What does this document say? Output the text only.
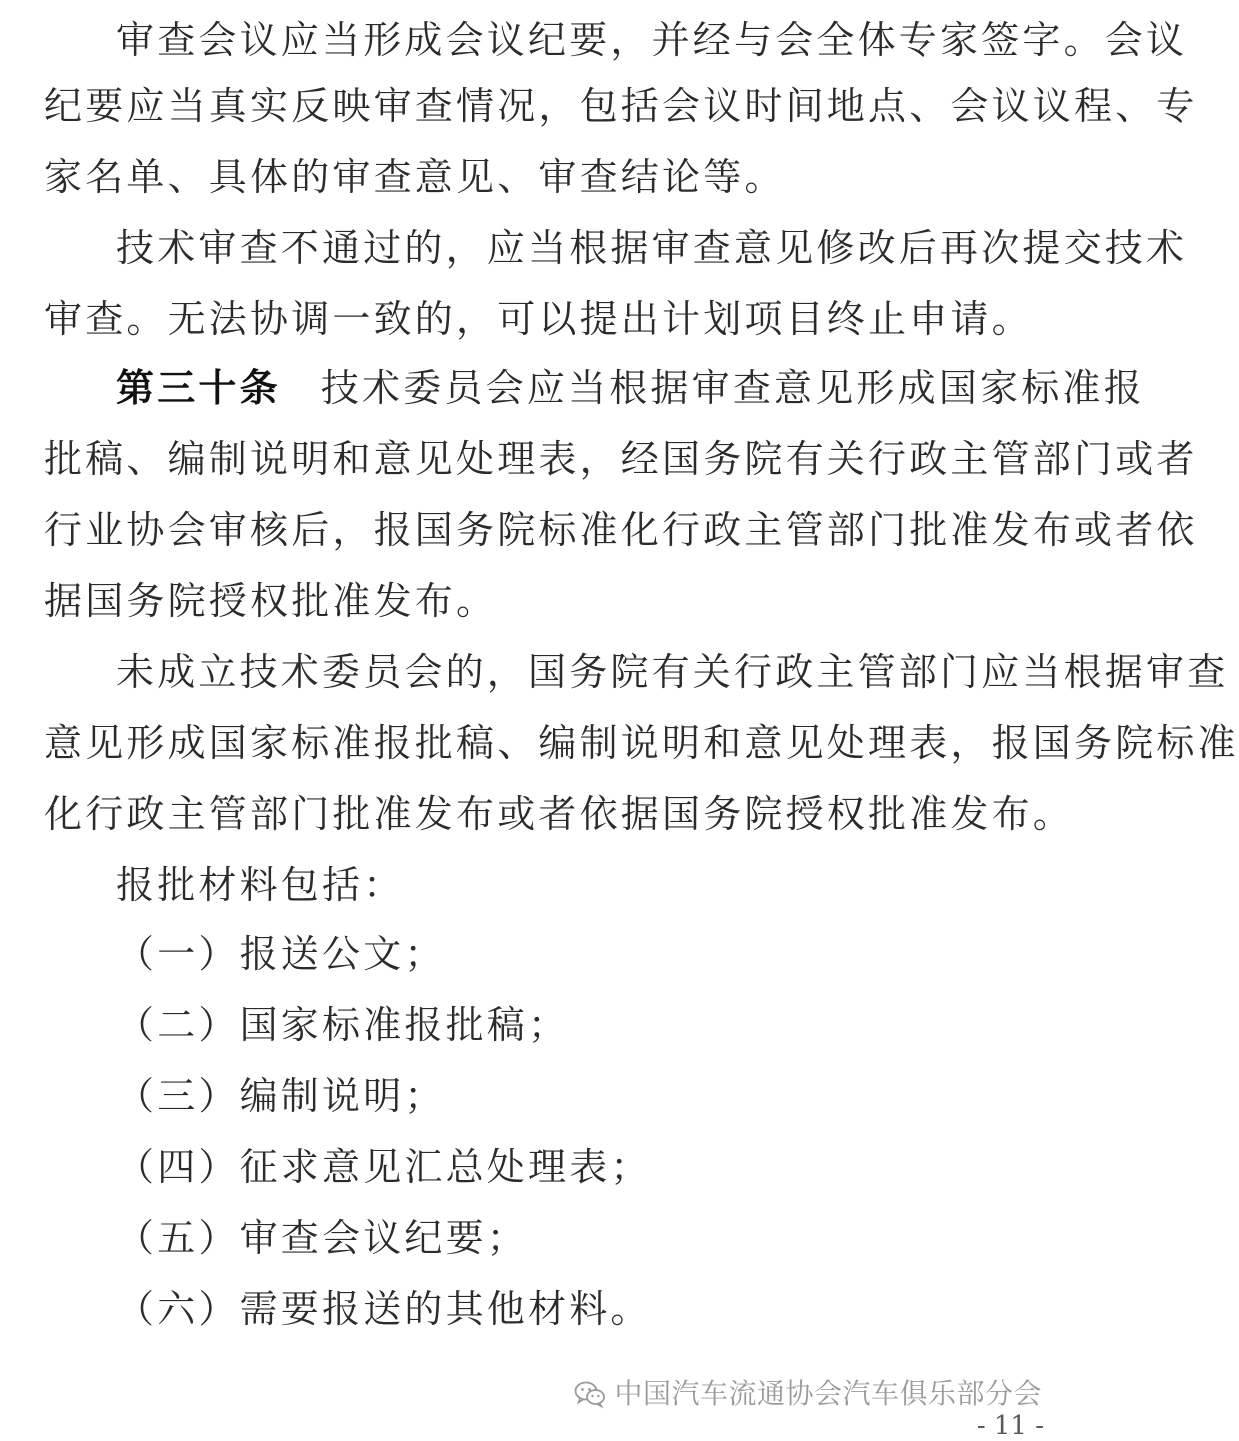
审查会议应当形成会议纪要，并经与会全体专家签字。会议
纪要应当真实反映审查情况，包括会议时间地点、会议议程、专
家名单、具体的审查意见、审查结论等。
技术审查不通过的，应当根据审查意见修改后再次提交技术
审查。无法协调一致的，可以提出计划项目终止申请。
第三十条 技术委员会应当根据审查意见形成国家标准报
批稿、编制说明和意见处理表，经国务院有关行政主管部门或者
行业协会审核后，报国务院标准化行政主管部门批准发布或者依
据国务院授权批准发布。
未成立技术委员会的，国务院有关行政主管部门应当根据审查
意见形成国家标准报批稿、编制说明和意见处理表，报国务院标准
化行政主管部门批准发布或者依据国务院授权批准发布。
报批材料包括：
（一）报送公文；
（二）国家标准报批稿；
（三）编制说明；
（四）征求意见汇总处理表；
（五）审查会议纪要；
（六）需要报送的其他材料。
中国汽车流通协会汽车俱乐部分会
- 11 -
